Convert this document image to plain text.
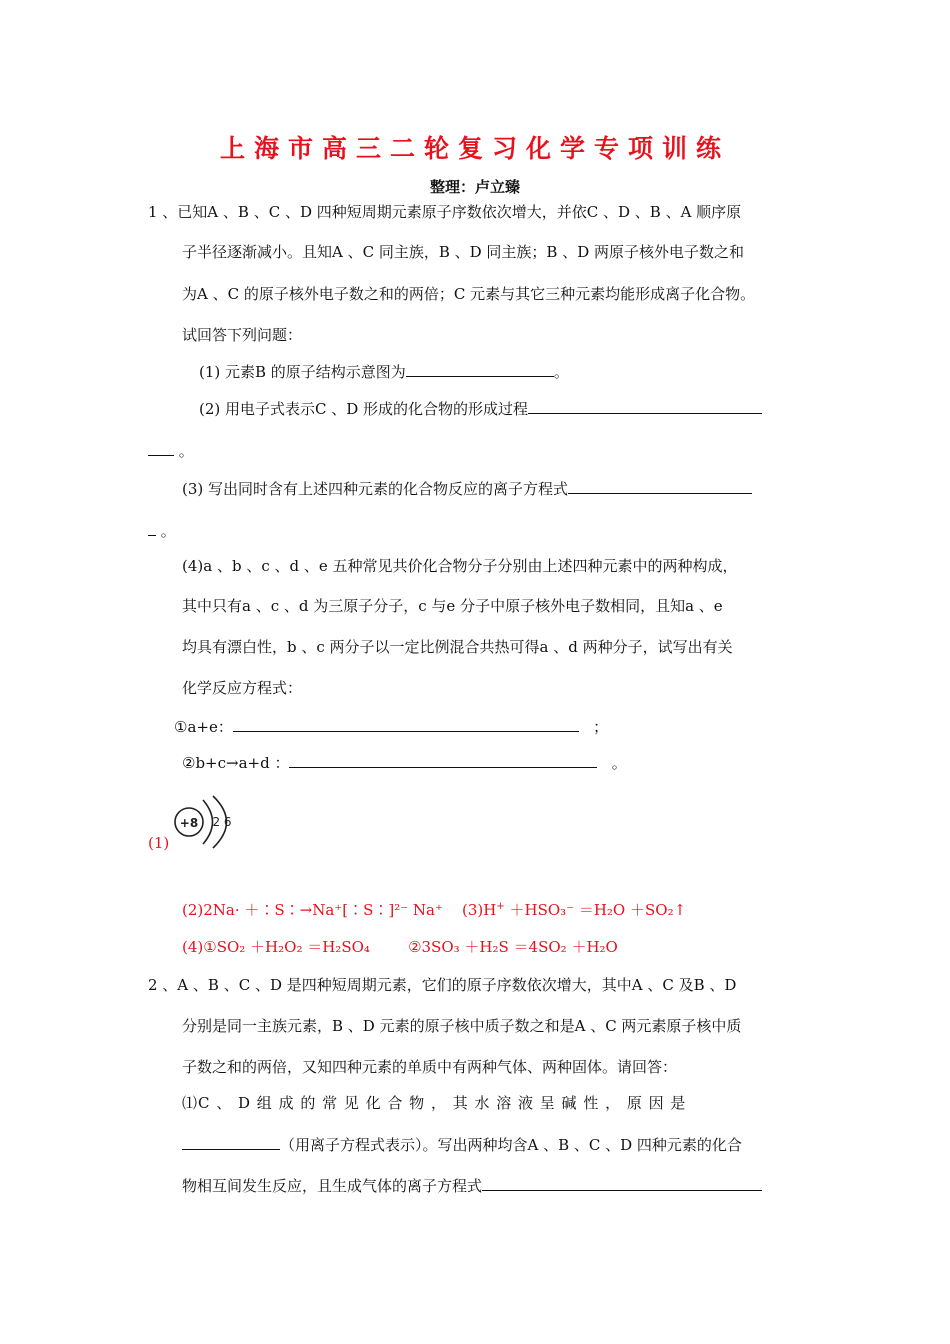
上海市高三二轮复习化学专项训练
整理：卢立臻
1 、已知A 、B 、C 、D 四种短周期元素原子序数依次增大，并依C 、D 、B 、A 顺序原
子半径逐渐减小。且知A 、C 同主族，B 、D 同主族；B 、D 两原子核外电子数之和
为A 、C 的原子核外电子数之和的两倍；C 元素与其它三种元素均能形成离子化合物。
试回答下列问题：
(1) 元素B 的原子结构示意图为	。
(2) 用电子式表示C 、D 形成的化合物的形成过程
。
(3) 写出同时含有上述四种元素的化合物反应的离子方程式
。
(4)a 、b 、c 、d 、e 五种常见共价化合物分子分别由上述四种元素中的两种构成，
其中只有a 、c 、d 为三原子分子，c 与e 分子中原子核外电子数相同，且知a 、e
均具有漂白性，b 、c 两分子以一定比例混合共热可得a 、d 两种分子，试写出有关
化学反应方程式：
①a+e：	；
②b+c→a+d ：	。
+8 2 6
(1)
(2)2Na· ＋∶S∶→Na⁺[∶S∶]²⁻ Na⁺ (3)H+ ＋HSO₃⁻ ＝H₂O ＋SO₂↑
(4)①SO₂ ＋H₂O₂ ＝H₂SO₄	②3SO₃ ＋H₂S ＝4SO₂ ＋H₂O
2 、A 、B 、C 、D 是四种短周期元素，它们的原子序数依次增大，其中A 、C 及B 、D
分别是同一主族元素，B 、D 元素的原子核中质子数之和是A 、C 两元素原子核中质
子数之和的两倍，又知四种元素的单质中有两种气体、两种固体。请回答：
⑴C 、 D 组 成 的 常 见 化 合 物 ， 其 水 溶 液 呈 碱 性 ， 原 因 是
（用离子方程式表示）。写出两种均含A 、B 、C 、D 四种元素的化合
物相互间发生反应，且生成气体的离子方程式
